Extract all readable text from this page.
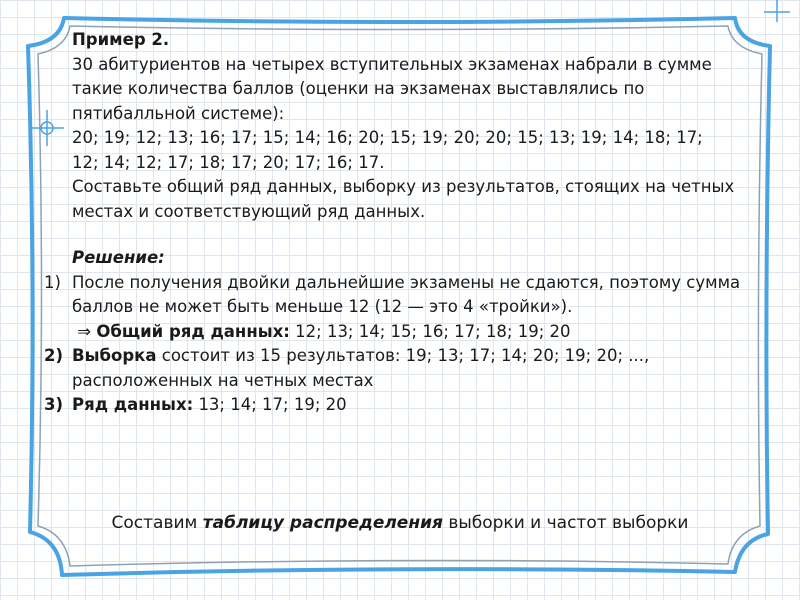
Пример 2.

30 абитуриентов на четырех вступительных экзаменах набрали в сумме такие количества баллов (оценки на экзаменах выставлялись по пятибалльной системе):

20; 19; 12; 13; 16; 17; 15; 14; 16; 20; 15; 19; 20; 20; 15; 13; 19; 14; 18; 17;

12; 14; 12; 17; 18; 17; 20; 17; 16; 17.

Составьте общий ряд данных, выборку из результатов, стоящих на четных местах и соответствующий ряд данных.

Решение:

1) После получения двойки дальнейшие экзамены не сдаются, поэтому сумма баллов не может быть меньше 12 (12 — это 4 «тройки»).
⇒ Общий ряд данных: 12; 13; 14; 15; 16; 17; 18; 19; 20
2) Выборка состоит из 15 результатов: 19; 13; 17; 14; 20; 19; 20; ..., расположенных на четных местах
3) Ряд данных: 13; 14; 17; 19; 20
Составим таблицу распределения выборки и частот выборки
